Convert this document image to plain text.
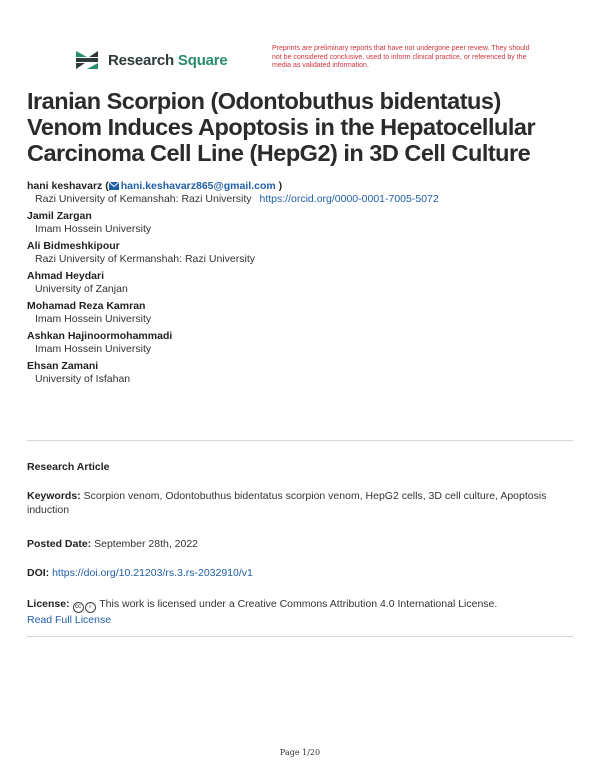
Research Square
Preprints are preliminary reports that have not undergone peer review. They should not be considered conclusive, used to inform clinical practice, or referenced by the media as validated information.
Iranian Scorpion (Odontobuthus bidentatus) Venom Induces Apoptosis in the Hepatocellular Carcinoma Cell Line (HepG2) in 3D Cell Culture
hani keshavarz ( hani.keshavarz865@gmail.com )
Razi University of Kemanshah: Razi University https://orcid.org/0000-0001-7005-5072
Jamil Zargan
Imam Hossein University
Ali Bidmeshkipour
Razi University of Kermanshah: Razi University
Ahmad Heydari
University of Zanjan
Mohamad Reza Kamran
Imam Hossein University
Ashkan Hajinoormohammadi
Imam Hossein University
Ehsan Zamani
University of Isfahan
Research Article
Keywords: Scorpion venom, Odontobuthus bidentatus scorpion venom, HepG2 cells, 3D cell culture, Apoptosis induction
Posted Date: September 28th, 2022
DOI: https://doi.org/10.21203/rs.3.rs-2032910/v1
License: cc i This work is licensed under a Creative Commons Attribution 4.0 International License.
Read Full License
Page 1/20
